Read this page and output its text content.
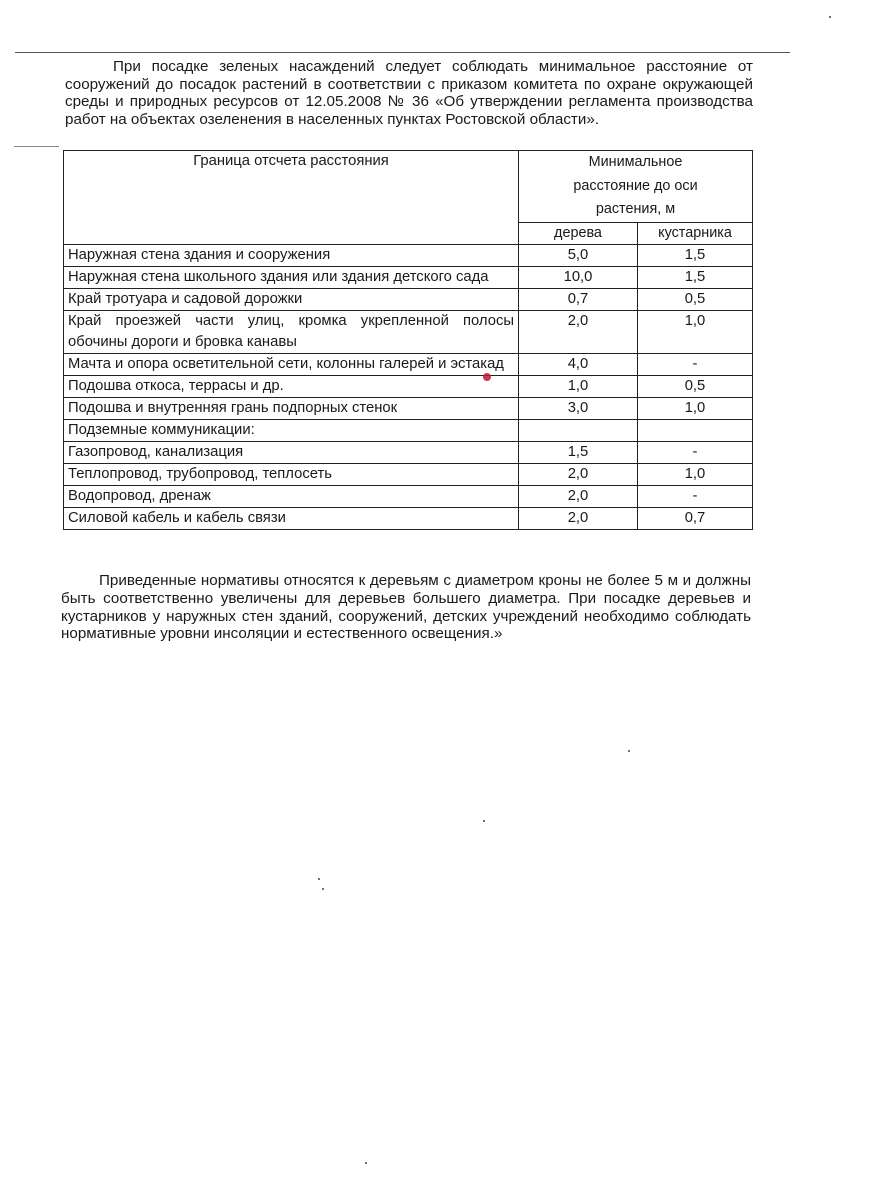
При посадке зеленых насаждений следует соблюдать минимальное расстояние от сооружений до посадок растений в соответствии с приказом комитета по охране окружающей среды и природных ресурсов от 12.05.2008 № 36 «Об утверждении регламента производства работ на объектах озеленения в населенных пунктах Ростовской области».

Граница отсчета расстояния	Минимальное расстояние до оси растения, м	
	дерева	кустарника
Наружная стена здания и сооружения	5,0	1,5
Наружная стена школьного здания или здания детского сада	10,0	1,5
Край тротуара и садовой дорожки	0,7	0,5
Край проезжей части улиц, кромка укрепленной полосы обочины дороги и бровка канавы	2,0	1,0
Мачта и опора осветительной сети, колонны галерей и эстакад	4,0	-
Подошва откоса, террасы и др.	1,0	0,5
Подошва и внутренняя грань подпорных стенок	3,0	1,0
Подземные коммуникации:		
Газопровод, канализация	1,5	-
Теплопровод, трубопровод, теплосеть	2,0	1,0
Водопровод, дренаж	2,0	-
Силовой кабель и кабель связи	2,0	0,7

Приведенные нормативы относятся к деревьям с диаметром кроны не более 5 м и должны быть соответственно увеличены для деревьев большего диаметра. При посадке деревьев и кустарников у наружных стен зданий, сооружений, детских учреждений необходимо соблюдать нормативные уровни инсоляции и естественного освещения.»
